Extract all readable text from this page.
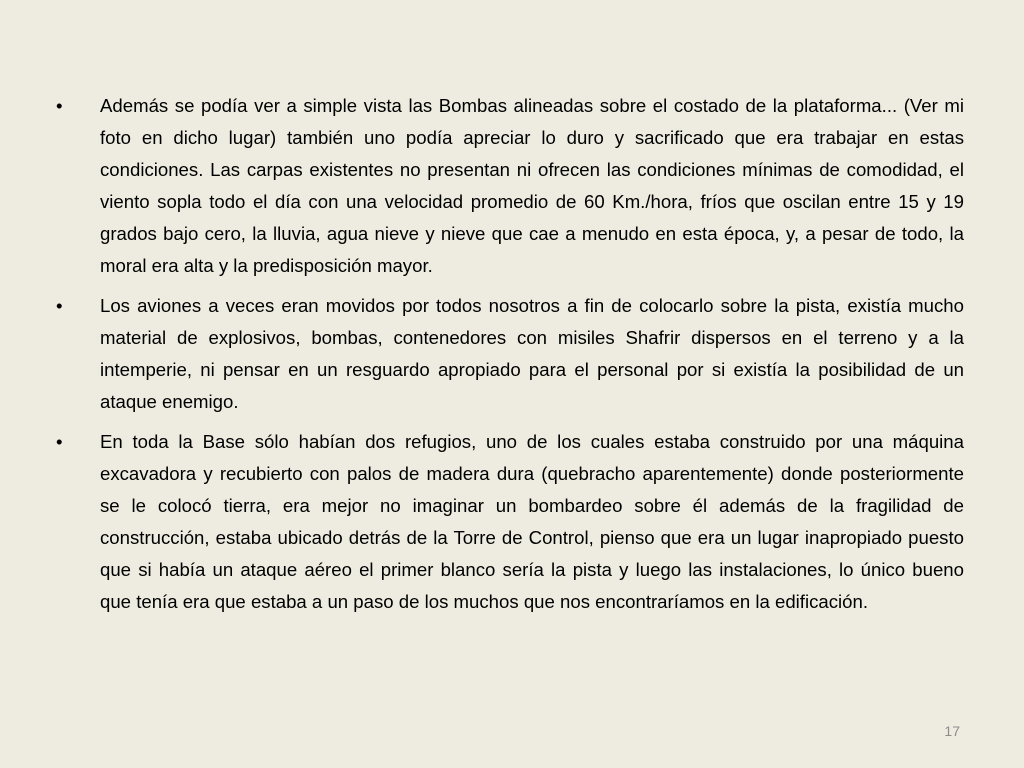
•	Además se podía ver a simple vista las Bombas alineadas sobre el costado de la plataforma... (Ver mi foto en dicho lugar) también uno podía apreciar lo duro y sacrificado que era trabajar en estas condiciones. Las carpas existentes no presentan ni ofrecen las condiciones mínimas de comodidad, el viento sopla todo el día con una velocidad promedio de 60 Km./hora, fríos que oscilan entre 15 y 19 grados bajo cero, la lluvia, agua nieve y nieve que cae a menudo en esta época, y, a pesar de todo, la moral era alta y la predisposición mayor.
•	Los aviones a veces eran movidos por todos nosotros a fin de colocarlo sobre la pista, existía mucho material de explosivos, bombas, contenedores con misiles Shafrir dispersos en el terreno y a la intemperie, ni pensar en un resguardo apropiado para el personal por si existía la posibilidad de un ataque enemigo.
•	En toda la Base sólo habían dos refugios, uno de los cuales estaba construido por una máquina excavadora y recubierto con palos de madera dura (quebracho aparentemente) donde posteriormente se le colocó tierra, era mejor no imaginar un bombardeo sobre él además de la fragilidad de construcción, estaba ubicado detrás de la Torre de Control, pienso que era un lugar inapropiado puesto que si había un ataque aéreo el primer blanco sería la pista y luego las instalaciones, lo único bueno que tenía era que estaba a un paso de los muchos que nos encontraríamos en la edificación.
17
